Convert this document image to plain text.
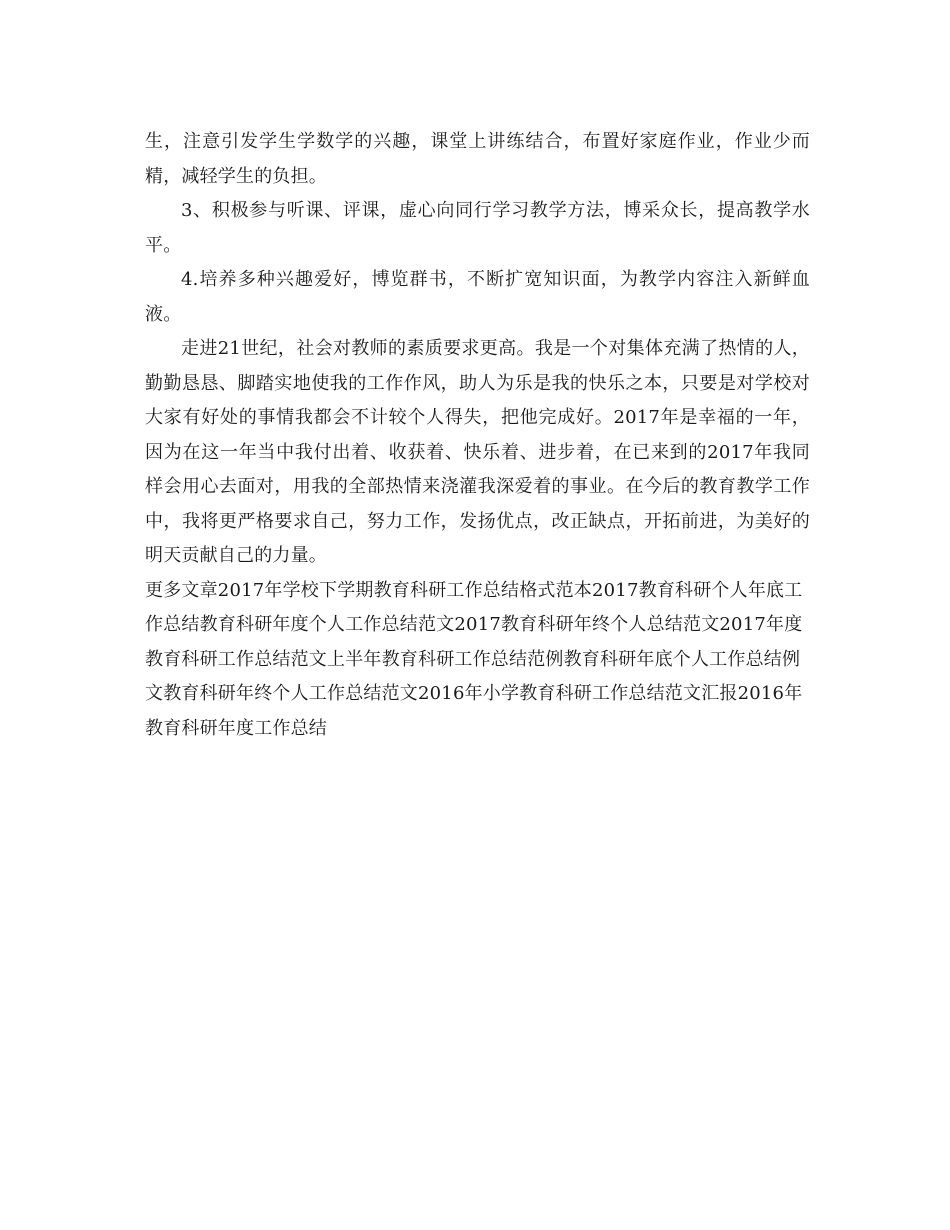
生，注意引发学生学数学的兴趣，课堂上讲练结合，布置好家庭作业，作业少而精，减轻学生的负担。

3、积极参与听课、评课，虚心向同行学习教学方法，博采众长，提高教学水平。

4.培养多种兴趣爱好，博览群书，不断扩宽知识面，为教学内容注入新鲜血液。

走进21世纪，社会对教师的素质要求更高。我是一个对集体充满了热情的人，勤勤恳恳、脚踏实地使我的工作作风，助人为乐是我的快乐之本，只要是对学校对大家有好处的事情我都会不计较个人得失，把他完成好。2017年是幸福的一年，因为在这一年当中我付出着、收获着、快乐着、进步着，在已来到的2017年我同样会用心去面对，用我的全部热情来浇灌我深爱着的事业。在今后的教育教学工作中，我将更严格要求自己，努力工作，发扬优点，改正缺点，开拓前进，为美好的明天贡献自己的力量。

更多文章2017年学校下学期教育科研工作总结格式范本2017教育科研个人年底工作总结教育科研年度个人工作总结范文2017教育科研年终个人总结范文2017年度教育科研工作总结范文上半年教育科研工作总结范例教育科研年底个人工作总结例文教育科研年终个人工作总结范文2016年小学教育科研工作总结范文汇报2016年教育科研年度工作总结
